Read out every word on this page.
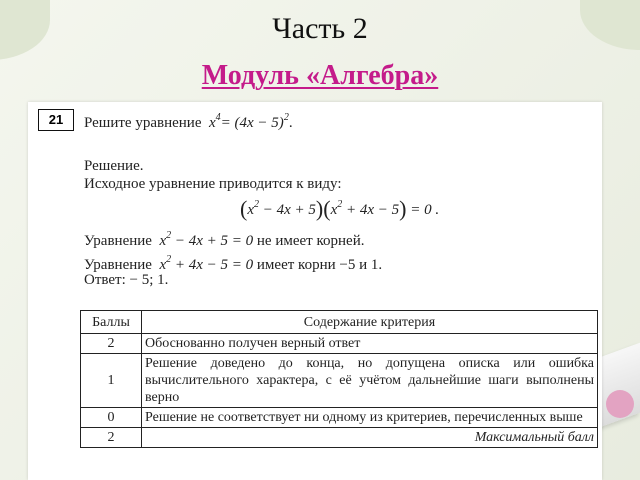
Часть 2
Модуль «Алгебра»
21	Решите уравнение $x^4= (4x - 5)^2$.
Решение.
Исходное уравнение приводится к виду:
$(x^2 - 4x + 5)(x^2 + 4x - 5) = 0$ .
Уравнение $x^2 - 4x + 5 = 0$ не имеет корней.
Уравнение $x^2 + 4x - 5 = 0$ имеет корни −5 и 1.
Ответ: − 5; 1.
Баллы	Содержание критерия
2	Обоснованно получен верный ответ
1	Решение доведено до конца, но допущена описка или ошибка вычислительного характера, с её учётом дальнейшие шаги выполнены верно
0	Решение не соответствует ни одному из критериев, перечисленных выше
2	Максимальный балл
